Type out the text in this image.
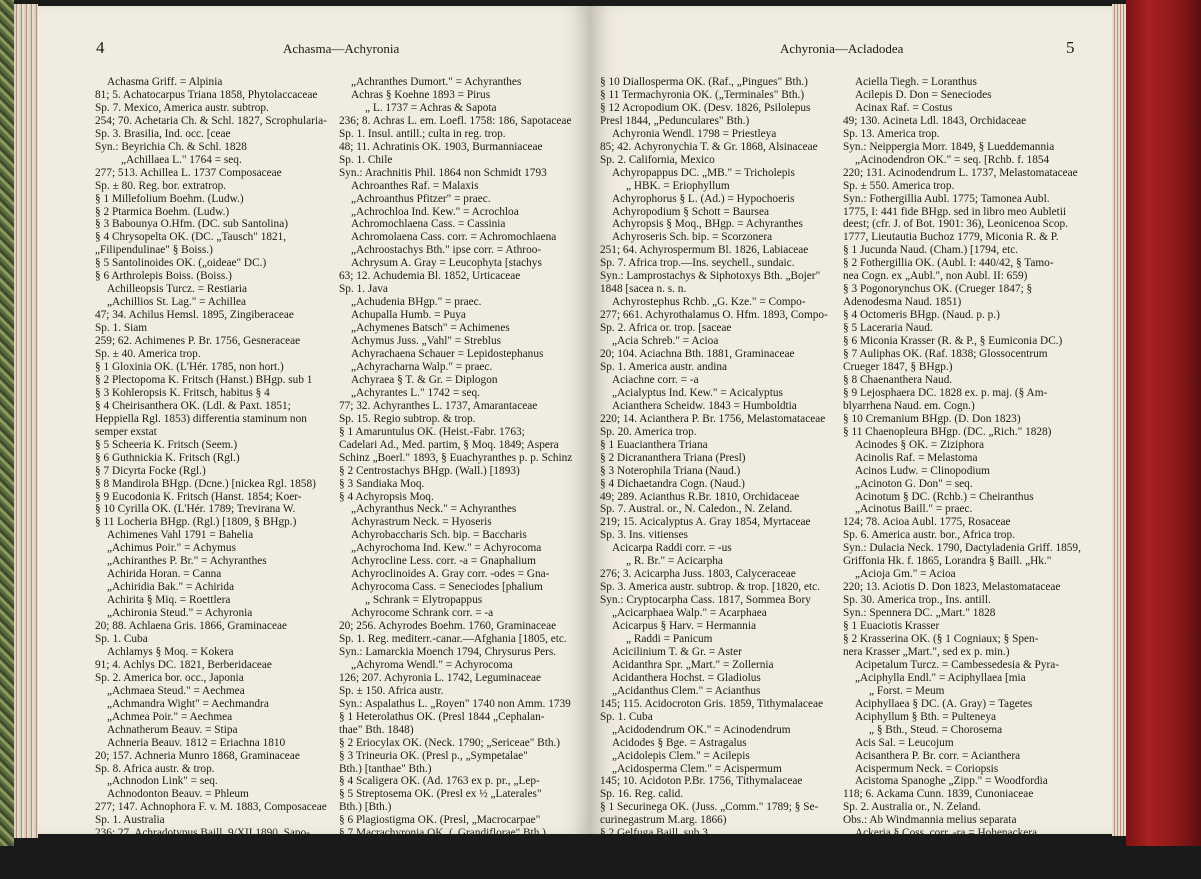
4	Achasma—Achyronia
Achasma Griff. = Alpinia
81; 5. Achatocarpus Triana 1858, Phytolaccaceae
Sp. 7. Mexico, America austr. subtrop.
254; 70. Achetaria Ch. & Schl. 1827, Scrophularia-
Sp. 3. Brasilia, Ind. occ. [ceae
Syn.: Beyrichia Ch. & Schl. 1828
„Achillaea L." 1764 = seq.
277; 513. Achillea L. 1737 Composaceae
Sp. ± 80. Reg. bor. extratrop.
§ 1 Millefolium Boehm. (Ludw.)
§ 2 Ptarmica Boehm. (Ludw.)
§ 3 Babounya O.Hfm. (DC. sub Santolina)
§ 4 Chrysopelta OK. (DC. „Tausch" 1821,
„Filipendulinae" § Boiss.)
§ 5 Santolinoides OK. („oideae" DC.)
§ 6 Arthrolepis Boiss. (Boiss.)
Achilleopsis Turcz. = Restiaria
„Achillios St. Lag." = Achillea
47; 34. Achilus Hemsl. 1895, Zingiberaceae
Sp. 1. Siam
259; 62. Achimenes P. Br. 1756, Gesneraceae
Sp. ± 40. America trop.
§ 1 Gloxinia OK. (L'Hér. 1785, non hort.)
§ 2 Plectopoma K. Fritsch (Hanst.) BHgp. sub 1
§ 3 Kohleropsis K. Fritsch, habitus § 4
§ 4 Cheirisanthera OK. (Ldl. & Paxt. 1851;
Heppiella Rgl. 1853) differentia staminum non
semper exstat
§ 5 Scheeria K. Fritsch (Seem.)
§ 6 Guthnickia K. Fritsch (Rgl.)
§ 7 Dicyrta Focke (Rgl.)
§ 8 Mandirola BHgp. (Dcne.) [nickea Rgl. 1858)
§ 9 Eucodonia K. Fritsch (Hanst. 1854; Koer-
§ 10 Cyrilla OK. (L'Hér. 1789; Trevirana W.
§ 11 Locheria BHgp. (Rgl.) [1809, § BHgp.)
Achimenes Vahl 1791 = Bahelia
„Achimus Poir." = Achymus
„Achiranthes P. Br." = Achyranthes
Achirida Horan. = Canna
„Achiridia Bak." = Achirida
Achirita § Miq. = Roettlera
„Achironia Steud." = Achyronia
20; 88. Achlaena Gris. 1866, Graminaceae
Sp. 1. Cuba
Achlamys § Moq. = Kokera
91; 4. Achlys DC. 1821, Berberidaceae
Sp. 2. America bor. occ., Japonia
„Achmaea Steud." = Aechmea
„Achmandra Wight" = Aechmandra
„Achmea Poir." = Aechmea
Achnatherum Beauv. = Stipa
Achneria Beauv. 1812 = Eriachna 1810
20; 157. Achneria Munro 1868, Graminaceae
Sp. 8. Africa austr. & trop.
„Achnodon Link" = seq.
Achnodonton Beauv. = Phleum
277; 147. Achnophora F. v. M. 1883, Composaceae
Sp. 1. Australia
236; 27. Achradotypus Baill. 9/XII 1890, Sapo-
Sp. 4. Nova Caledonia [taceae
Syn.: Jollya Pierre n. n. 1891 („30/XII 1890")
„Achrantes Pfeiff." = seq.
„Achranthes Dumort." = Achyranthes
Achras § Koehne 1893 = Pirus
„ L. 1737 = Achras & Sapota
236; 8. Achras L. em. Loefl. 1758: 186, Sapotaceae
Sp. 1. Insul. antill.; culta in reg. trop.
48; 11. Achratinis OK. 1903, Burmanniaceae
Sp. 1. Chile
Syn.: Arachnitis Phil. 1864 non Schmidt 1793
Achroanthes Raf. = Malaxis
„Achroanthus Pfitzer" = praec.
„Achrochloa Ind. Kew." = Acrochloa
Achromochlaena Cass. = Cassinia
Achromolaena Cass. corr. = Achromochlaena
„Achroostachys Bth." ipse corr. = Athroo-
Achrysum A. Gray = Leucophyta [stachys
63; 12. Achudemia Bl. 1852, Urticaceae
Sp. 1. Java
„Achudenia BHgp." = praec.
Achupalla Humb. = Puya
„Achymenes Batsch" = Achimenes
Achymus Juss. „Vahl" = Streblus
Achyrachaena Schauer = Lepidostephanus
„Achyracharna Walp." = praec.
Achyraea § T. & Gr. = Diplogon
„Achyrantes L." 1742 = seq.
77; 32. Achyranthes L. 1737, Amarantaceae
Sp. 15. Regio subtrop. & trop.
§ 1 Amaruntulus OK. (Heist.-Fabr. 1763;
Cadelari Ad., Med. partim, § Moq. 1849; Aspera
Schinz „Boerl." 1893, § Euachyranthes p. p. Schinz
§ 2 Centrostachys BHgp. (Wall.) [1893)
§ 3 Sandiaka Moq.
§ 4 Achyropsis Moq.
„Achyranthus Neck." = Achyranthes
Achyrastrum Neck. = Hyoseris
Achyrobaccharis Sch. bip. = Baccharis
„Achyrochoma Ind. Kew." = Achyrocoma
Achyrocline Less. corr. -a = Gnaphalium
Achyroclinoides A. Gray corr. -odes = Gna-
Achyrocoma Cass. = Seneciodes [phalium
„ Schrank = Elytropappus
Achyrocome Schrank corr. = -a
20; 256. Achyrodes Boehm. 1760, Graminaceae
Sp. 1. Reg. mediterr.-canar.—Afghania [1805, etc.
Syn.: Lamarckia Moench 1794, Chrysurus Pers.
„Achyroma Wendl." = Achyrocoma
126; 207. Achyronia L. 1742, Leguminaceae
Sp. ± 150. Africa austr.
Syn.: Aspalathus L. „Royen" 1740 non Amm. 1739
§ 1 Heterolathus OK. (Presl 1844 „Cephalan-
thae" Bth. 1848)
§ 2 Eriocylax OK. (Neck. 1790; „Sericeae" Bth.)
§ 3 Trineuria OK. (Presl p., „Sympetalae"
Bth.) [tanthae" Bth.)
§ 4 Scaligera OK. (Ad. 1763 ex p. pr., „Lep-
§ 5 Streptosema OK. (Presl ex ½ „Laterales"
Bth.) [Bth.)
§ 6 Plagiostigma OK. (Presl, „Macrocarpae"
§ 7 Macrachyronia OK. („Grandiflorae" Bth.)
§ 8 Pachyraphea OK. (Presl, „Pachycarpae"
Bth.) [Presl, „Carnosae" Bth.)
§ 9 Sarcophyllum OK. (Thbg. 1799, Cyphocalyx
5
Achyronia—Acladodea
§ 10 Diallosperma OK. (Raf., „Pingues" Bth.)
§ 11 Termachyronia OK. („Terminales" Bth.)
§ 12 Acropodium OK. (Desv. 1826, Psilolepus
Presl 1844, „Pedunculares" Bth.)
Achyronia Wendl. 1798 = Priestleya
85; 42. Achyronychia T. & Gr. 1868, Alsinaceae
Sp. 2. California, Mexico
Achyropappus DC. „MB." = Tricholepis
„ HBK. = Eriophyllum
Achyrophorus § L. (Ad.) = Hypochoeris
Achyropodium § Schott = Baursea
Achyropsis § Moq., BHgp. = Achyranthes
Achyroseris Sch. bip. = Scorzonera
251; 64. Achyrospermum Bl. 1826, Labiaceae
Sp. 7. Africa trop.—Ins. seychell., sundaic.
Syn.: Lamprostachys & Siphotoxys Bth. „Bojer"
1848 [sacea n. s. n.
Achyrostephus Rchb. „G. Kze." = Compo-
277; 661. Achyrothalamus O. Hfm. 1893, Compo-
Sp. 2. Africa or. trop. [saceae
„Acia Schreb." = Acioa
20; 104. Aciachna Bth. 1881, Graminaceae
Sp. 1. America austr. andina
Aciachne corr. = -a
„Acialyptus Ind. Kew." = Acicalyptus
Acianthera Scheidw. 1843 = Humboldtia
220; 14. Acianthera P. Br. 1756, Melastomataceae
Sp. 20. America trop.
§ 1 Euacianthera Triana
§ 2 Dicrananthera Triana (Presl)
§ 3 Noterophila Triana (Naud.)
§ 4 Dichaetandra Cogn. (Naud.)
49; 289. Acianthus R.Br. 1810, Orchidaceae
Sp. 7. Austral. or., N. Caledon., N. Zeland.
219; 15. Acicalyptus A. Gray 1854, Myrtaceae
Sp. 3. Ins. vitienses
Acicarpa Raddi corr. = -us
„ R. Br." = Acicarpha
276; 3. Acicarpha Juss. 1803, Calyceraceae
Sp. 3. America austr. subtrop. & trop. [1820, etc.
Syn.: Cryptocarpha Cass. 1817, Sommea Bory
„Acicarphaea Walp." = Acarphaea
Acicarpus § Harv. = Hermannia
„ Raddi = Panicum
Acicilinium T. & Gr. = Aster
Acidanthra Spr. „Mart." = Zollernia
Acidanthera Hochst. = Gladiolus
„Acidanthus Clem." = Acianthus
145; 115. Acidocroton Gris. 1859, Tithymalaceae
Sp. 1. Cuba
„Acidodendrum OK." = Acinodendrum
Acidodes § Bge. = Astragalus
„Acidolepis Clem." = Acilepis
„Acidosperma Clem." = Acispermum
145; 10. Acidoton P.Br. 1756, Tithymalaceae
Sp. 16. Reg. calid.
§ 1 Securinega OK. (Juss. „Comm." 1789; § Se-
curinegastrum M.arg. 1866)
§ 2 Gelfuga Baill. sub 3
§ 3 Flueggea M.arg. sub 1 (W. 1806)
§ 4 Gymnogyna Pax
Acidoton Sw. 1788 = Durandeeldea
Aciella Tiegh. = Loranthus
Acilepis D. Don = Seneciodes
Acinax Raf. = Costus
49; 130. Acineta Ldl. 1843, Orchidaceae
Sp. 13. America trop.
Syn.: Neippergia Morr. 1849, § Lueddemannia
„Acinodendron OK." = seq. [Rchb. f. 1854
220; 131. Acinodendrum L. 1737, Melastomataceae
Sp. ± 550. America trop.
Syn.: Fothergillia Aubl. 1775; Tamonea Aubl.
1775, I: 441 fide BHgp. sed in libro meo Aubletii
deest; (cfr. J. of Bot. 1901: 36), Leonicenoa Scop.
1777, Lieutautia Buchoz 1779, Miconia R. & P.
§ 1 Jucunda Naud. (Cham.) [1794, etc.
§ 2 Fothergillia OK. (Aubl. I: 440/42, § Tamo-
nea Cogn. ex „Aubl.", non Aubl. II: 659)
§ 3 Pogonorynchus OK. (Crueger 1847; §
Adenodesma Naud. 1851)
§ 4 Octomeris BHgp. (Naud. p. p.)
§ 5 Laceraria Naud.
§ 6 Miconia Krasser (R. & P., § Eumiconia DC.)
§ 7 Auliphas OK. (Raf. 1838; Glossocentrum
Crueger 1847, § BHgp.)
§ 8 Chaenanthera Naud.
§ 9 Lejosphaera DC. 1828 ex. p. maj. (§ Am-
blyarrhena Naud. em. Cogn.)
§ 10 Cremanium BHgp. (D. Don 1823)
§ 11 Chaenopleura BHgp. (DC. „Rich." 1828)
Acinodes § OK. = Ziziphora
Acinolis Raf. = Melastoma
Acinos Ludw. = Clinopodium
„Acinoton G. Don" = seq.
Acinotum § DC. (Rchb.) = Cheiranthus
„Acinotus Baill." = praec.
124; 78. Acioa Aubl. 1775, Rosaceae
Sp. 6. America austr. bor., Africa trop.
Syn.: Dulacia Neck. 1790, Dactyladenia Griff. 1859,
Griffonia Hk. f. 1865, Lorandra § Baill. „Hk."
„Acioja Gm." = Acioa
220; 13. Aciotis D. Don 1823, Melastomataceae
Sp. 30. America trop., Ins. antill.
Syn.: Spennera DC. „Mart." 1828
§ 1 Euaciotis Krasser
§ 2 Krasserina OK. (§ 1 Cogniaux; § Spen-
nera Krasser „Mart.", sed ex p. min.)
Acipetalum Turcz. = Cambessedesia & Pyra-
„Aciphylla Endl." = Aciphyllaea [mia
„ Forst. = Meum
Aciphyllaea § DC. (A. Gray) = Tagetes
Aciphyllum § Bth. = Pulteneya
„ § Bth., Steud. = Chorosema
Acis Sal. = Leucojum
Acisanthera P. Br. corr. = Acianthera
Acispermum Neck. = Coriopsis
Acistoma Spanoghe „Zipp." = Woodfordia
118; 6. Ackama Cunn. 1839, Cunoniaceae
Sp. 2. Australia or., N. Zeland.
Obs.: Ab Windmannia melius separata
Ackeria § Coss. corr. -ra = Hohenackera
Ackermannia § K. Schum. = Cactus
Acklandia Pfitzer = Phaedrosanthus
Acladodea R. & P. = Talisia
